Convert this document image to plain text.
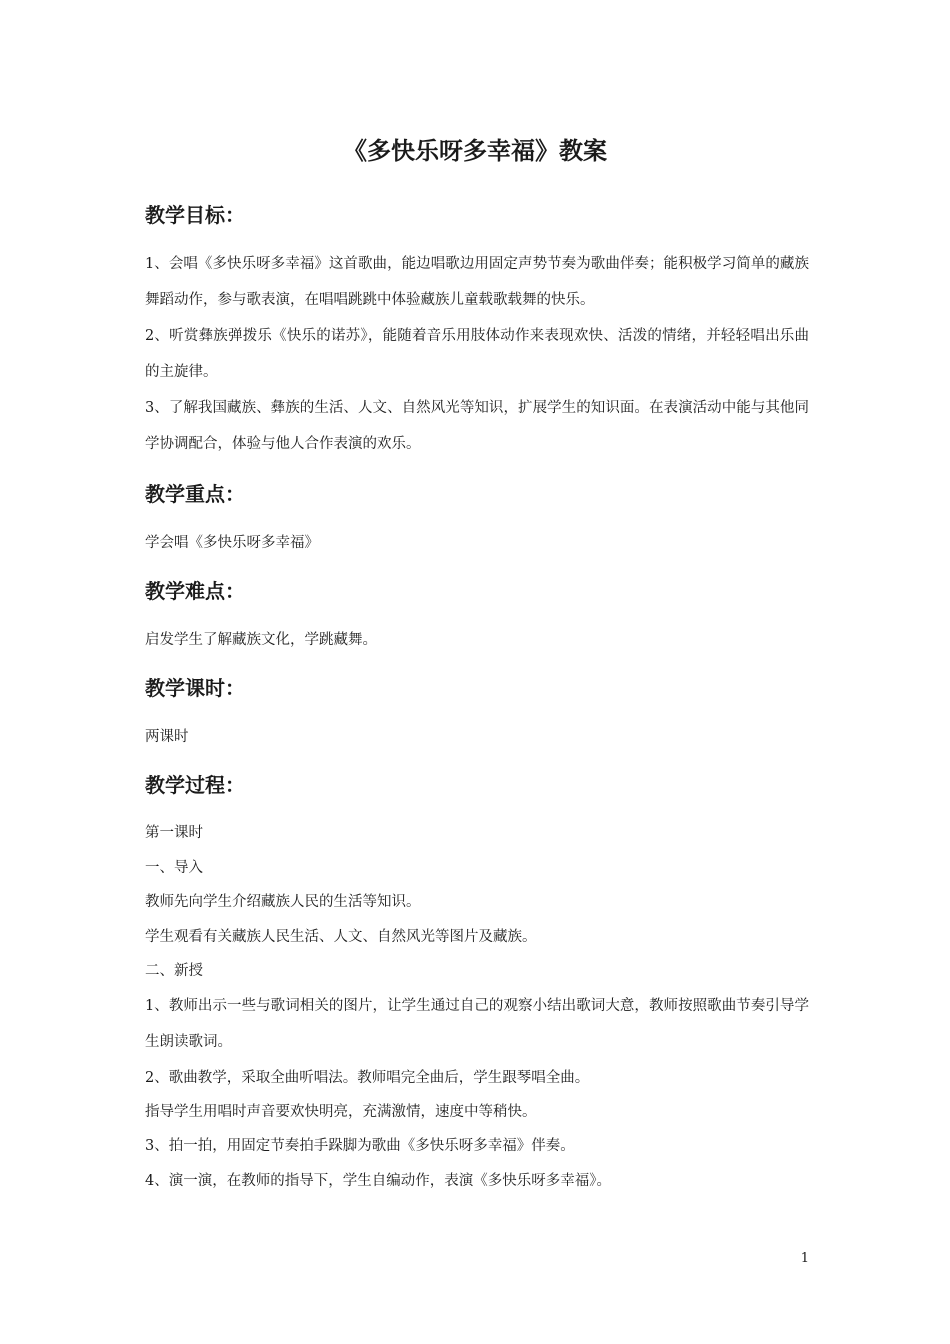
《多快乐呀多幸福》教案
教学目标：

1、会唱《多快乐呀多幸福》这首歌曲，能边唱歌边用固定声势节奏为歌曲伴奏；能积极学习简单的藏族舞蹈动作，参与歌表演，在唱唱跳跳中体验藏族儿童载歌载舞的快乐。

2、听赏彝族弹拨乐《快乐的诺苏》，能随着音乐用肢体动作来表现欢快、活泼的情绪，并轻轻唱出乐曲的主旋律。

3、了解我国藏族、彝族的生活、人文、自然风光等知识，扩展学生的知识面。在表演活动中能与其他同学协调配合，体验与他人合作表演的欢乐。

教学重点：

学会唱《多快乐呀多幸福》

教学难点：

启发学生了解藏族文化，学跳藏舞。

教学课时：

两课时

教学过程：

第一课时

一、导入

教师先向学生介绍藏族人民的生活等知识。

学生观看有关藏族人民生活、人文、自然风光等图片及藏族。

二、新授

1、教师出示一些与歌词相关的图片，让学生通过自己的观察小结出歌词大意，教师按照歌曲节奏引导学生朗读歌词。

2、歌曲教学，采取全曲听唱法。教师唱完全曲后，学生跟琴唱全曲。

指导学生用唱时声音要欢快明亮，充满激情，速度中等稍快。

3、拍一拍，用固定节奏拍手跺脚为歌曲《多快乐呀多幸福》伴奏。

4、演一演，在教师的指导下，学生自编动作，表演《多快乐呀多幸福》。

1
